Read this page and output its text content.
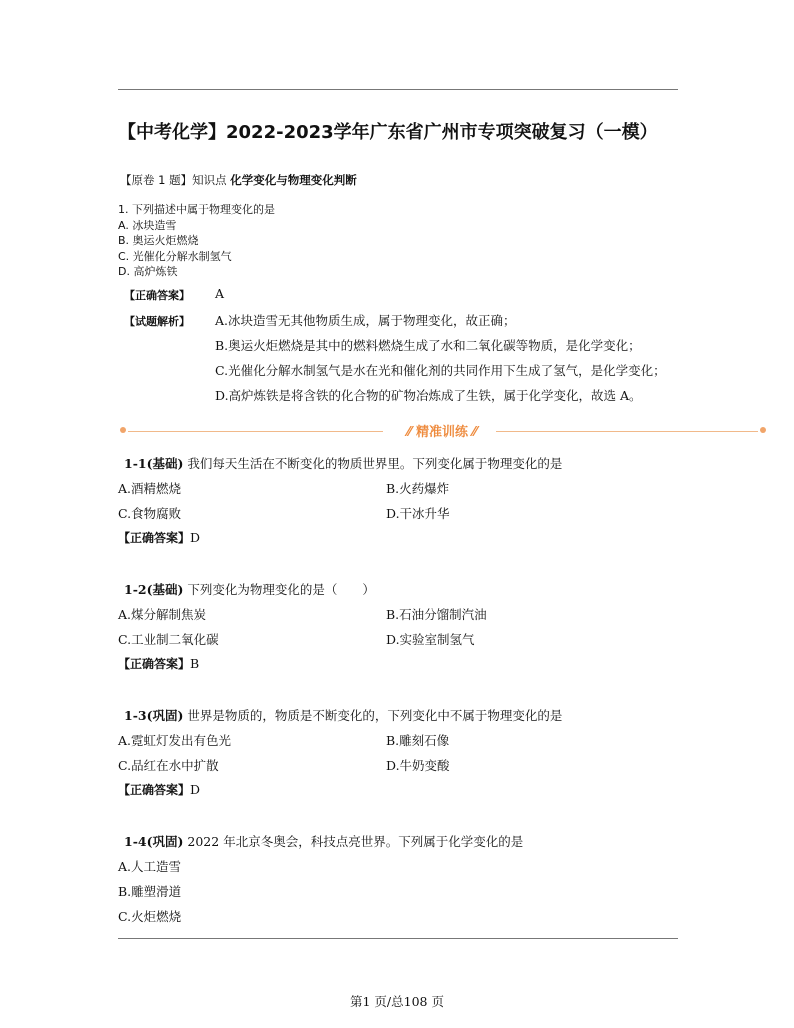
【中考化学】2022-2023学年广东省广州市专项突破复习（一模）
【原卷 1 题】知识点 化学变化与物理变化判断
1. 下列描述中属于物理变化的是
A. 冰块造雪
B. 奥运火炬燃烧
C. 光催化分解水制氢气
D. 高炉炼铁
【正确答案】 A
【试题解析】 A.冰块造雪无其他物质生成，属于物理变化，故正确；
B.奥运火炬燃烧是其中的燃料燃烧生成了水和二氧化碳等物质，是化学变化；
C.光催化分解水制氢气是水在光和催化剂的共同作用下生成了氢气，是化学变化；
D.高炉炼铁是将含铁的化合物的矿物冶炼成了生铁，属于化学变化，故选 A。
⁄⁄ 精准训练 ⁄⁄
1-1(基础) 我们每天生活在不断变化的物质世界里。下列变化属于物理变化的是
A.酒精燃烧	B.火药爆炸
C.食物腐败	D.干冰升华
【正确答案】D
1-2(基础) 下列变化为物理变化的是（　　）
A.煤分解制焦炭	B.石油分馏制汽油
C.工业制二氧化碳	D.实验室制氢气
【正确答案】B
1-3(巩固) 世界是物质的，物质是不断变化的，下列变化中不属于物理变化的是
A.霓虹灯发出有色光	B.雕刻石像
C.品红在水中扩散	D.牛奶变酸
【正确答案】D
1-4(巩固) 2022 年北京冬奥会，科技点亮世界。下列属于化学变化的是
A.人工造雪
B.雕塑滑道
C.火炬燃烧
第1 页/总108 页
